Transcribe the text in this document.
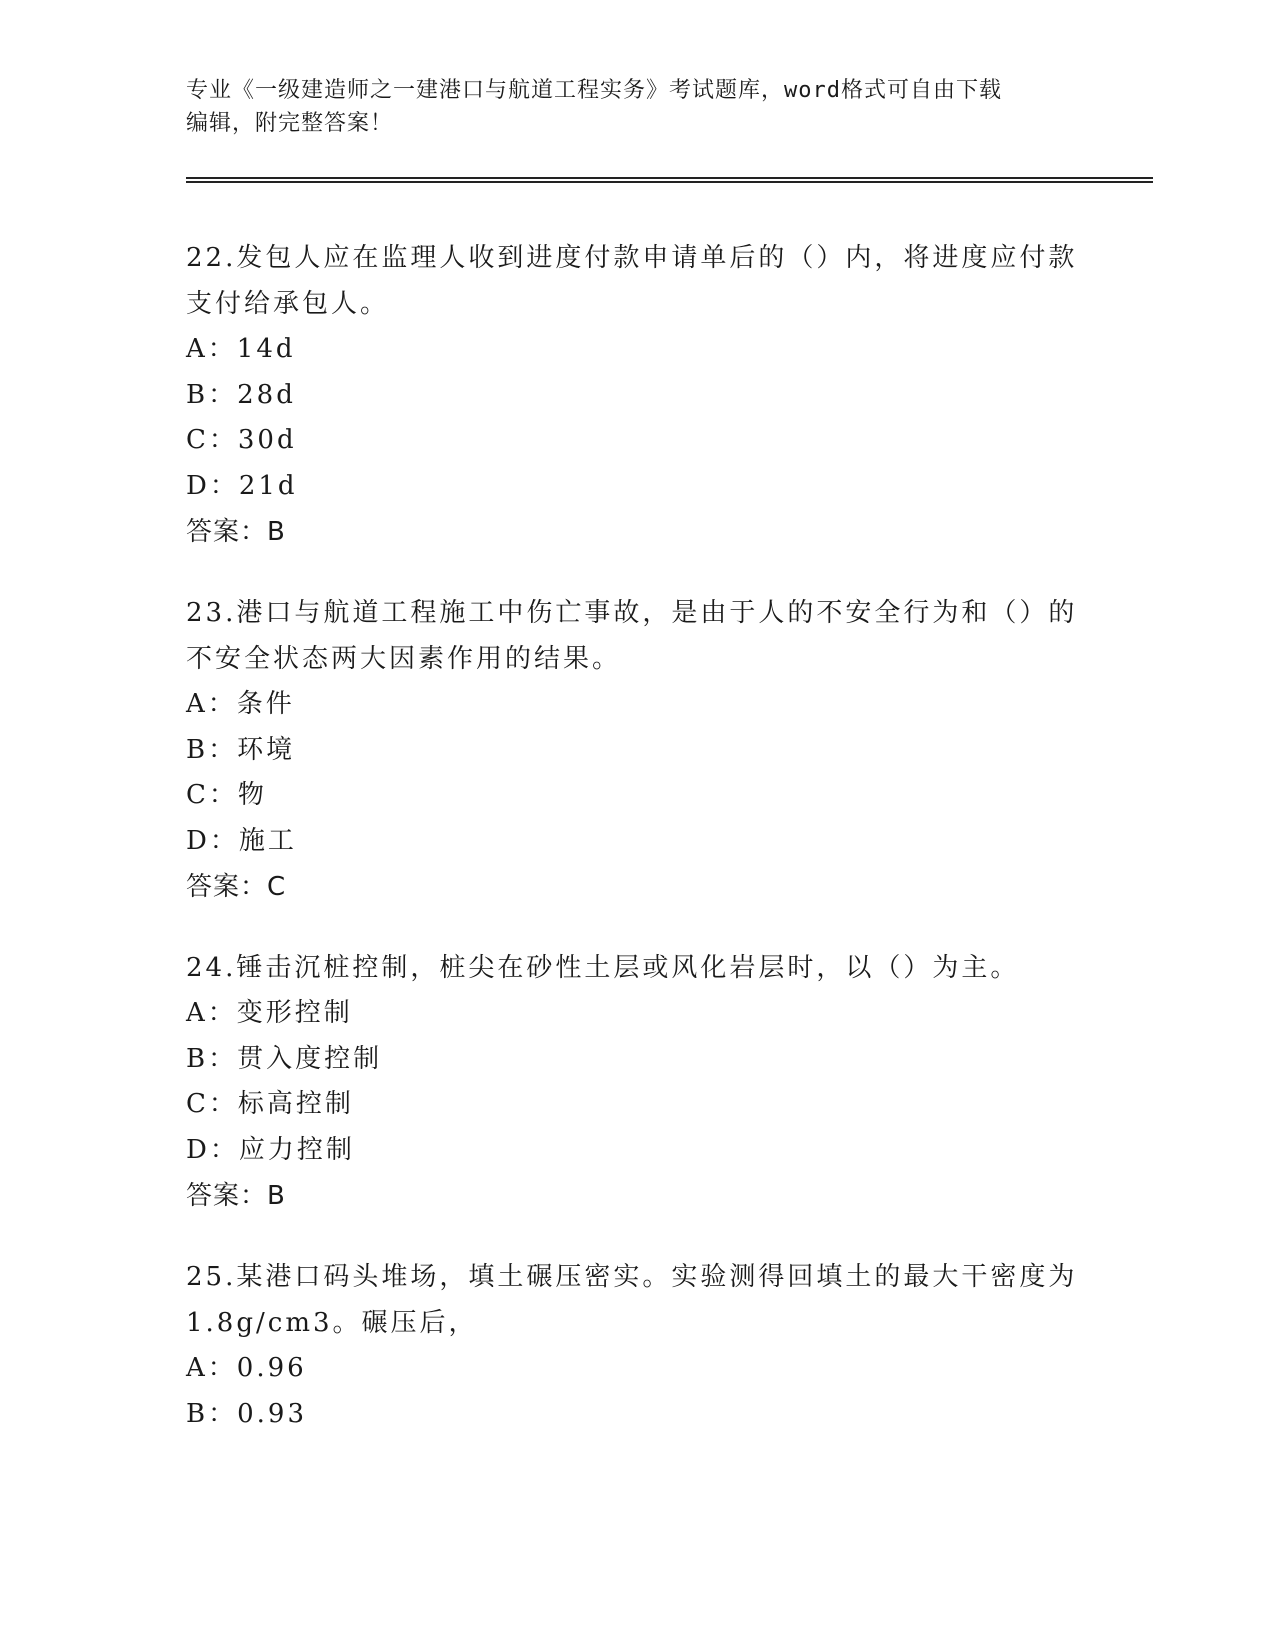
专业《一级建造师之一建港口与航道工程实务》考试题库，word格式可自由下载
编辑，附完整答案！
22.发包人应在监理人收到进度付款申请单后的（）内，将进度应付款
支付给承包人。
A：14d
B：28d
C：30d
D：21d
答案：B
23.港口与航道工程施工中伤亡事故，是由于人的不安全行为和（）的
不安全状态两大因素作用的结果。
A：条件
B：环境
C：物
D：施工
答案：C
24.锤击沉桩控制，桩尖在砂性土层或风化岩层时，以（）为主。
A：变形控制
B：贯入度控制
C：标高控制
D：应力控制
答案：B
25.某港口码头堆场，填土碾压密实。实验测得回填土的最大干密度为
1.8g/cm3。碾压后，
A：0.96
B：0.93
